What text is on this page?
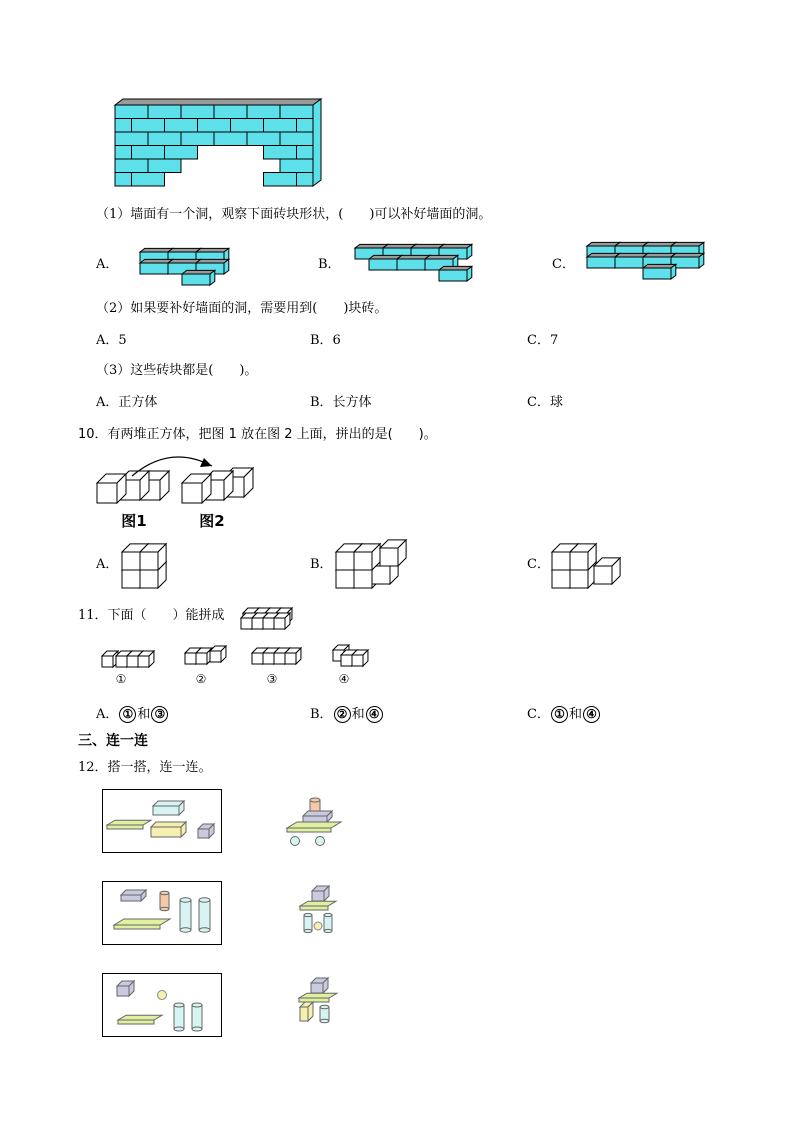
（1）墙面有一个洞，观察下面砖块形状，(　　)可以补好墙面的洞。
A．	B．	C．
（2）如果要补好墙面的洞，需要用到(　　)块砖。
A．5	B．6	C．7
（3）这些砖块都是(　　)。
A．正方体	B．长方体	C．球
10．有两堆正方体，把图 1 放在图 2 上面，拼出的是(　　)。
图1	图2
A．	B．	C．
11．下面（　　）能拼成
①	②	③	④
A． ① 和 ③	B． ② 和 ④	C． ① 和 ④
三、连一连
12．搭一搭，连一连。
